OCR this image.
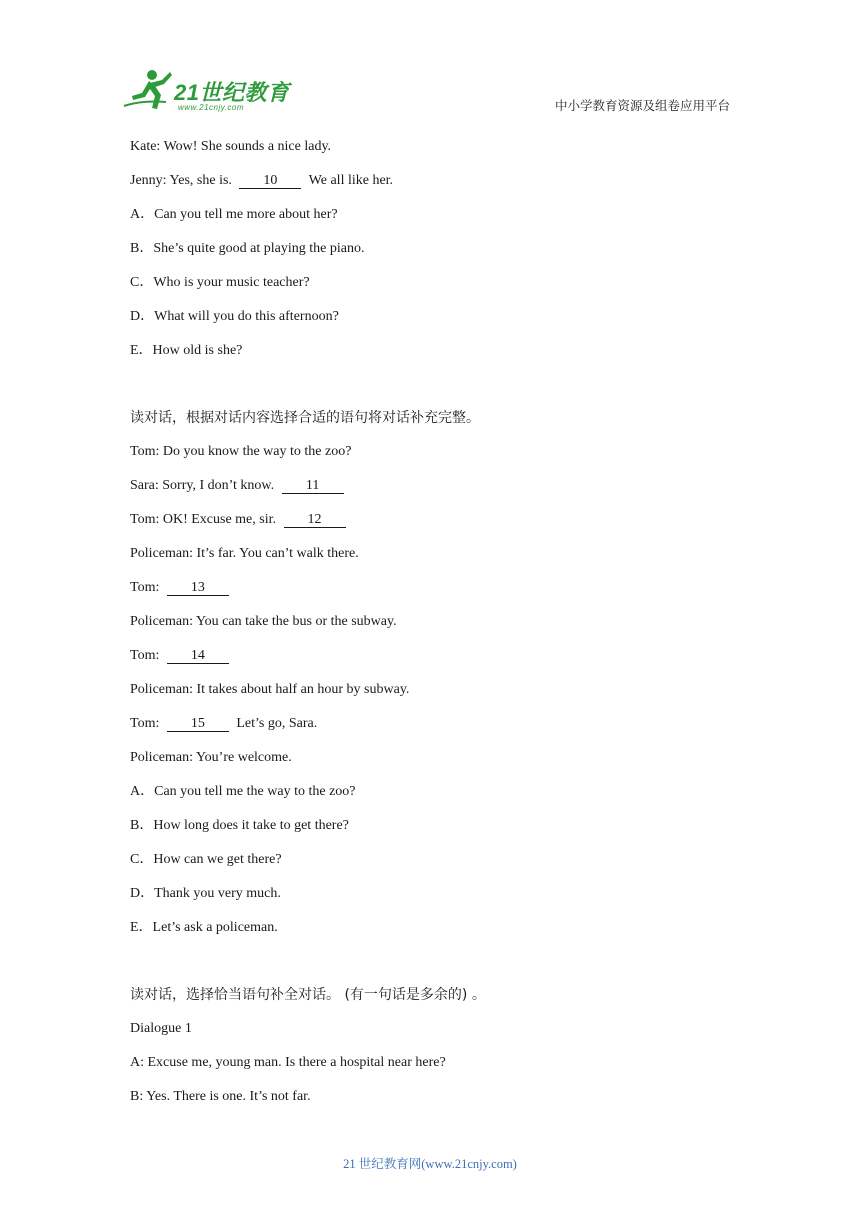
21世纪教育
www.21cnjy.com	中小学教育资源及组卷应用平台
Kate: Wow! She sounds a nice lady.
Jenny: Yes, she is. 10 We all like her.
A．Can you tell me more about her?
B．She’s quite good at playing the piano.
C．Who is your music teacher?
D．What will you do this afternoon?
E．How old is she?
读对话，根据对话内容选择合适的语句将对话补充完整。
Tom: Do you know the way to the zoo?
Sara: Sorry, I don’t know. 11
Tom: OK! Excuse me, sir. 12
Policeman: It’s far. You can’t walk there.
Tom: 13
Policeman: You can take the bus or the subway.
Tom: 14
Policeman: It takes about half an hour by subway.
Tom: 15 Let’s go, Sara.
Policeman: You’re welcome.
A．Can you tell me the way to the zoo?
B．How long does it take to get there?
C．How can we get there?
D．Thank you very much.
E．Let’s ask a policeman.
读对话，选择恰当语句补全对话。 (有一句话是多余的) 。
Dialogue 1
A: Excuse me, young man. Is there a hospital near here?
B: Yes. There is one. It’s not far.
21 世纪教育网(www.21cnjy.com)
